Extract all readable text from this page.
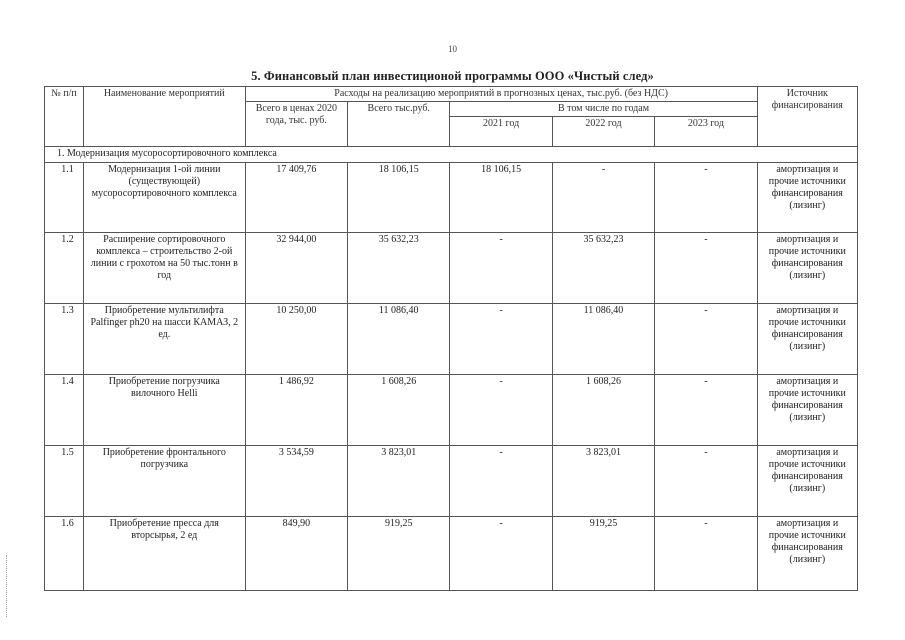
10
5. Финансовый план инвестиционой программы ООО «Чистый след»
№ п/п	Наименование мероприятий	Расходы на реализацию мероприятий в прогнозных ценах, тыс.руб. (без НДС)					Источник финансирования
		Всего в ценах 2020 года, тыс. руб.	Всего тыс.руб.	В том числе по годам			
				2021 год	2022 год	2023 год	
1. Модернизация мусоросортировочного комплекса							
1.1	Модернизация 1-ой линии (существующей) мусоросортировочного комплекса	17 409,76	18 106,15	18 106,15	-	-	амортизация и прочие источники финансирования (лизинг)
1.2	Расширение сортировочного комплекса – строительство 2-ой линии с грохотом на 50 тыс.тонн в год	32 944,00	35 632,23	-	35 632,23	-	амортизация и прочие источники финансирования (лизинг)
1.3	Приобретение мультилифта Palfinger ph20 на шасси КАМАЗ, 2 ед.	10 250,00	11 086,40	-	11 086,40	-	амортизация и прочие источники финансирования (лизинг)
1.4	Приобретение погрузчика вилочного Helli	1 486,92	1 608,26	-	1 608,26	-	амортизация и прочие источники финансирования (лизинг)
1.5	Приобретение фронтального погрузчика	3 534,59	3 823,01	-	3 823,01	-	амортизация и прочие источники финансирования (лизинг)
1.6	Приобретение пресса для вторсырья, 2 ед	849,90	919,25	-	919,25	-	амортизация и прочие источники финансирования (лизинг)
